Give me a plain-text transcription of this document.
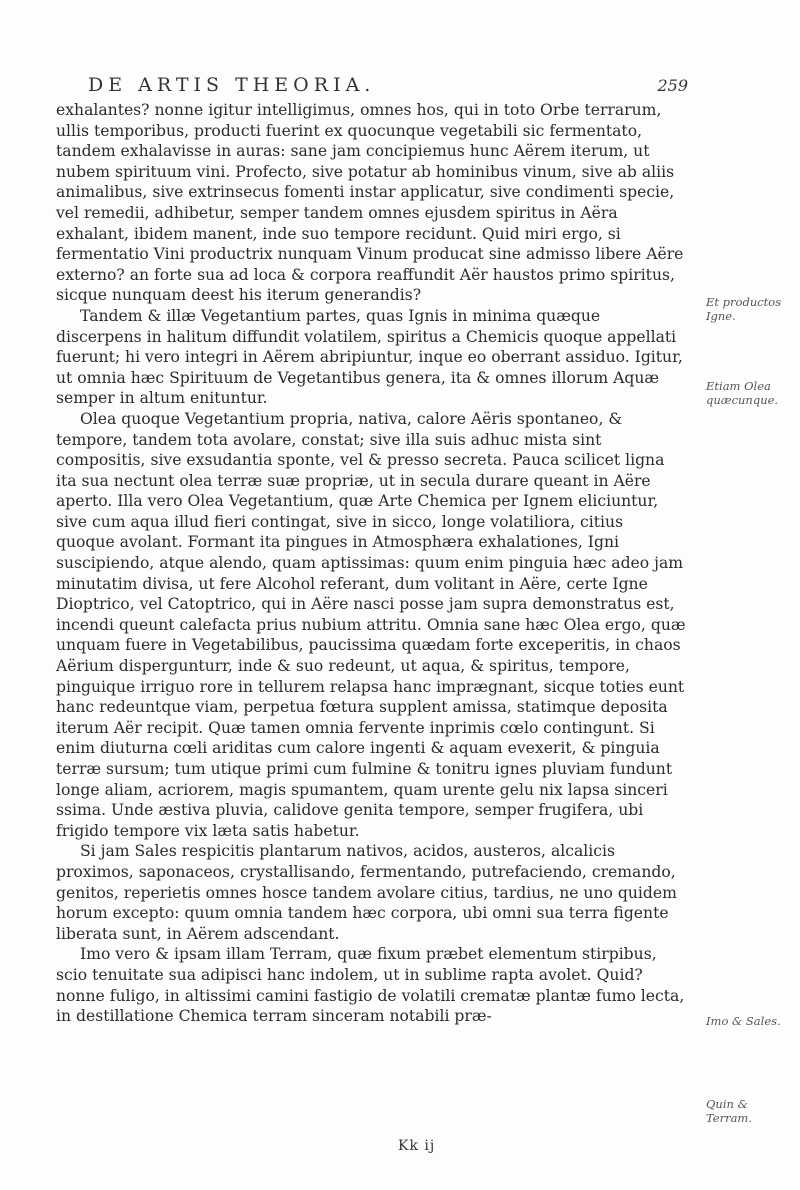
DE ARTIS THEORIA.	259

exhalantes? nonne igitur intelligimus, omnes hos, qui in toto Orbe terrarum, ullis temporibus, producti fuerint ex quocunque vegetabili sic fermentato, tandem exhalavisse in auras: sane jam concipiemus hunc Aërem iterum, ut nubem spirituum vini. Profecto, sive potatur ab hominibus vinum, sive ab aliis animalibus, sive extrinsecus fomenti instar applicatur, sive condimenti specie, vel remedii, adhibetur, semper tandem omnes ejusdem spiritus in Aëra exhalant, ibidem manent, inde suo tempore recidunt. Quid miri ergo, si fermentatio Vini productrix nunquam Vinum producat sine admisso libere Aëre externo? an forte sua ad loca & corpora reaffundit Aër haustos primo spiritus, sicque nunquam deest his iterum generandis?

Tandem & illæ Vegetantium partes, quas Ignis in minima quæque discerpens in halitum diffundit volatilem, spiritus a Chemicis quoque appellati fuerunt; hi vero integri in Aërem abripiuntur, inque eo oberrant assiduo. Igitur, ut omnia hæc Spirituum de Vegetantibus genera, ita & omnes illorum Aquæ semper in altum enituntur.

Olea quoque Vegetantium propria, nativa, calore Aëris spontaneo, & tempore, tandem tota avolare, constat; sive illa suis adhuc mista sint compositis, sive exsudantia sponte, vel & presso secreta. Pauca scilicet ligna ita sua nectunt olea terræ suæ propriæ, ut in secula durare queant in Aëre aperto. Illa vero Olea Vegetantium, quæ Arte Chemica per Ignem eliciuntur, sive cum aqua illud fieri contingat, sive in sicco, longe volatiliora, citius quoque avolant. Formant ita pingues in Atmosphæra exhalationes, Igni suscipiendo, atque alendo, quam aptissimas: quum enim pinguia hæc adeo jam minutatim divisa, ut fere Alcohol referant, dum volitant in Aëre, certe Igne Dioptrico, vel Catoptrico, qui in Aëre nasci posse jam supra demonstratus est, incendi queunt calefacta prius nubium attritu. Omnia sane hæc Olea ergo, quæ unquam fuere in Vegetabilibus, paucissima quædam forte exceperitis, in chaos Aërium dispergunturr, inde & suo redeunt, ut aqua, & spiritus, tempore, pinguique irriguo rore in tellurem relapsa hanc imprægnant, sicque toties eunt hanc redeuntque viam, perpetua fœtura supplent amissa, statimque deposita iterum Aër recipit. Quæ tamen omnia fervente inprimis cœlo contingunt. Si enim diuturna cœli ariditas cum calore ingenti & aquam evexerit, & pinguia terræ sursum; tum utique primi cum fulmine & tonitru ignes pluviam fundunt longe aliam, acriorem, magis spumantem, quam urente gelu nix lapsa sinceri ssima. Unde æstiva pluvia, calidove genita tempore, semper frugifera, ubi frigido tempore vix læta satis habetur.

Si jam Sales respicitis plantarum nativos, acidos, austeros, alcalicis proximos, saponaceos, crystallisando, fermentando, putrefaciendo, cremando, genitos, reperietis omnes hosce tandem avolare citius, tardius, ne uno quidem horum excepto: quum omnia tandem hæc corpora, ubi omni sua terra figente liberata sunt, in Aërem adscendant.

Imo vero & ipsam illam Terram, quæ fixum præbet elementum stirpibus, scio tenuitate sua adipisci hanc indolem, ut in sublime rapta avolet. Quid? nonne fuligo, in altissimi camini fastigio de volatili crematæ plantæ fumo lecta, in destillatione Chemica terram sinceram notabili præ-

Et productos Igne.
Etiam Olea quæcunque.
Imo & Sales.
Quin & Terram.
Kk ij
